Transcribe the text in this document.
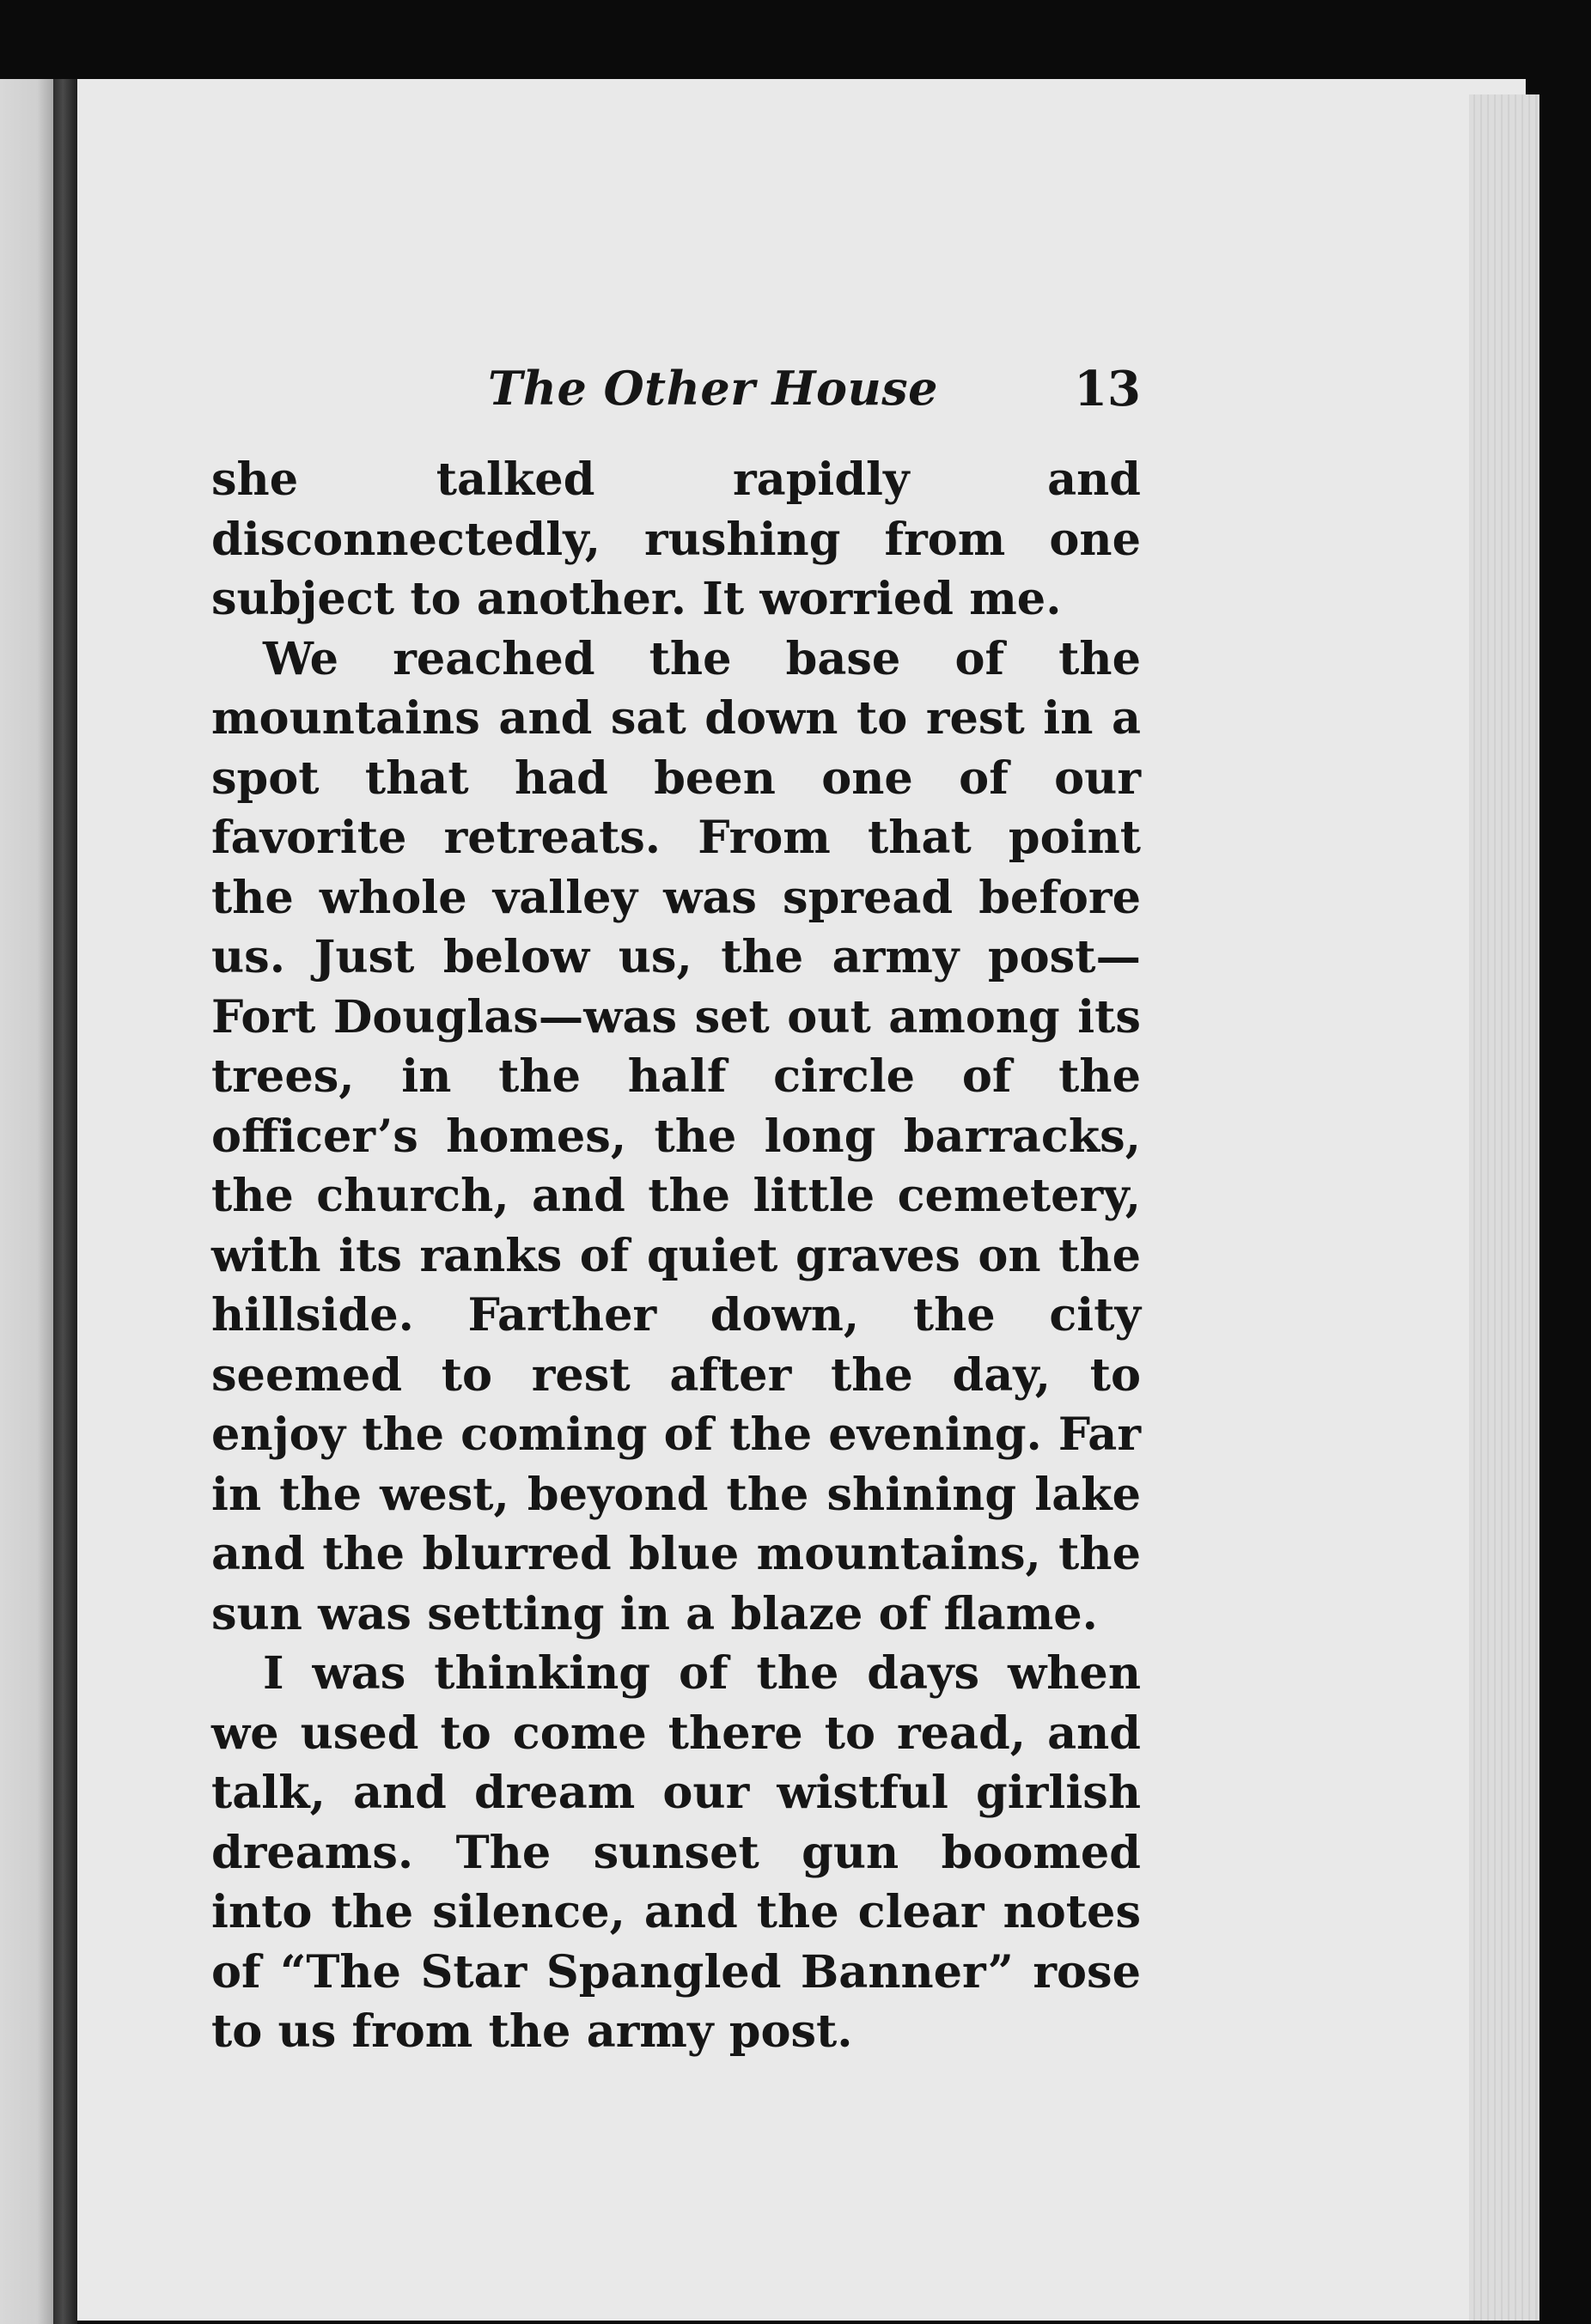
The Other House	13

she talked rapidly and disconnectedly, rushing from one subject to another. It worried me.

We reached the base of the mountains and sat down to rest in a spot that had been one of our favorite retreats. From that point the whole valley was spread before us. Just below us, the army post—Fort Douglas—was set out among its trees, in the half circle of the officer’s homes, the long barracks, the church, and the little cemetery, with its ranks of quiet graves on the hillside. Farther down, the city seemed to rest after the day, to enjoy the coming of the evening. Far in the west, beyond the shining lake and the blurred blue mountains, the sun was setting in a blaze of flame.

I was thinking of the days when we used to come there to read, and talk, and dream our wistful girlish dreams. The sunset gun boomed into the silence, and the clear notes of “The Star Spangled Banner” rose to us from the army post.
